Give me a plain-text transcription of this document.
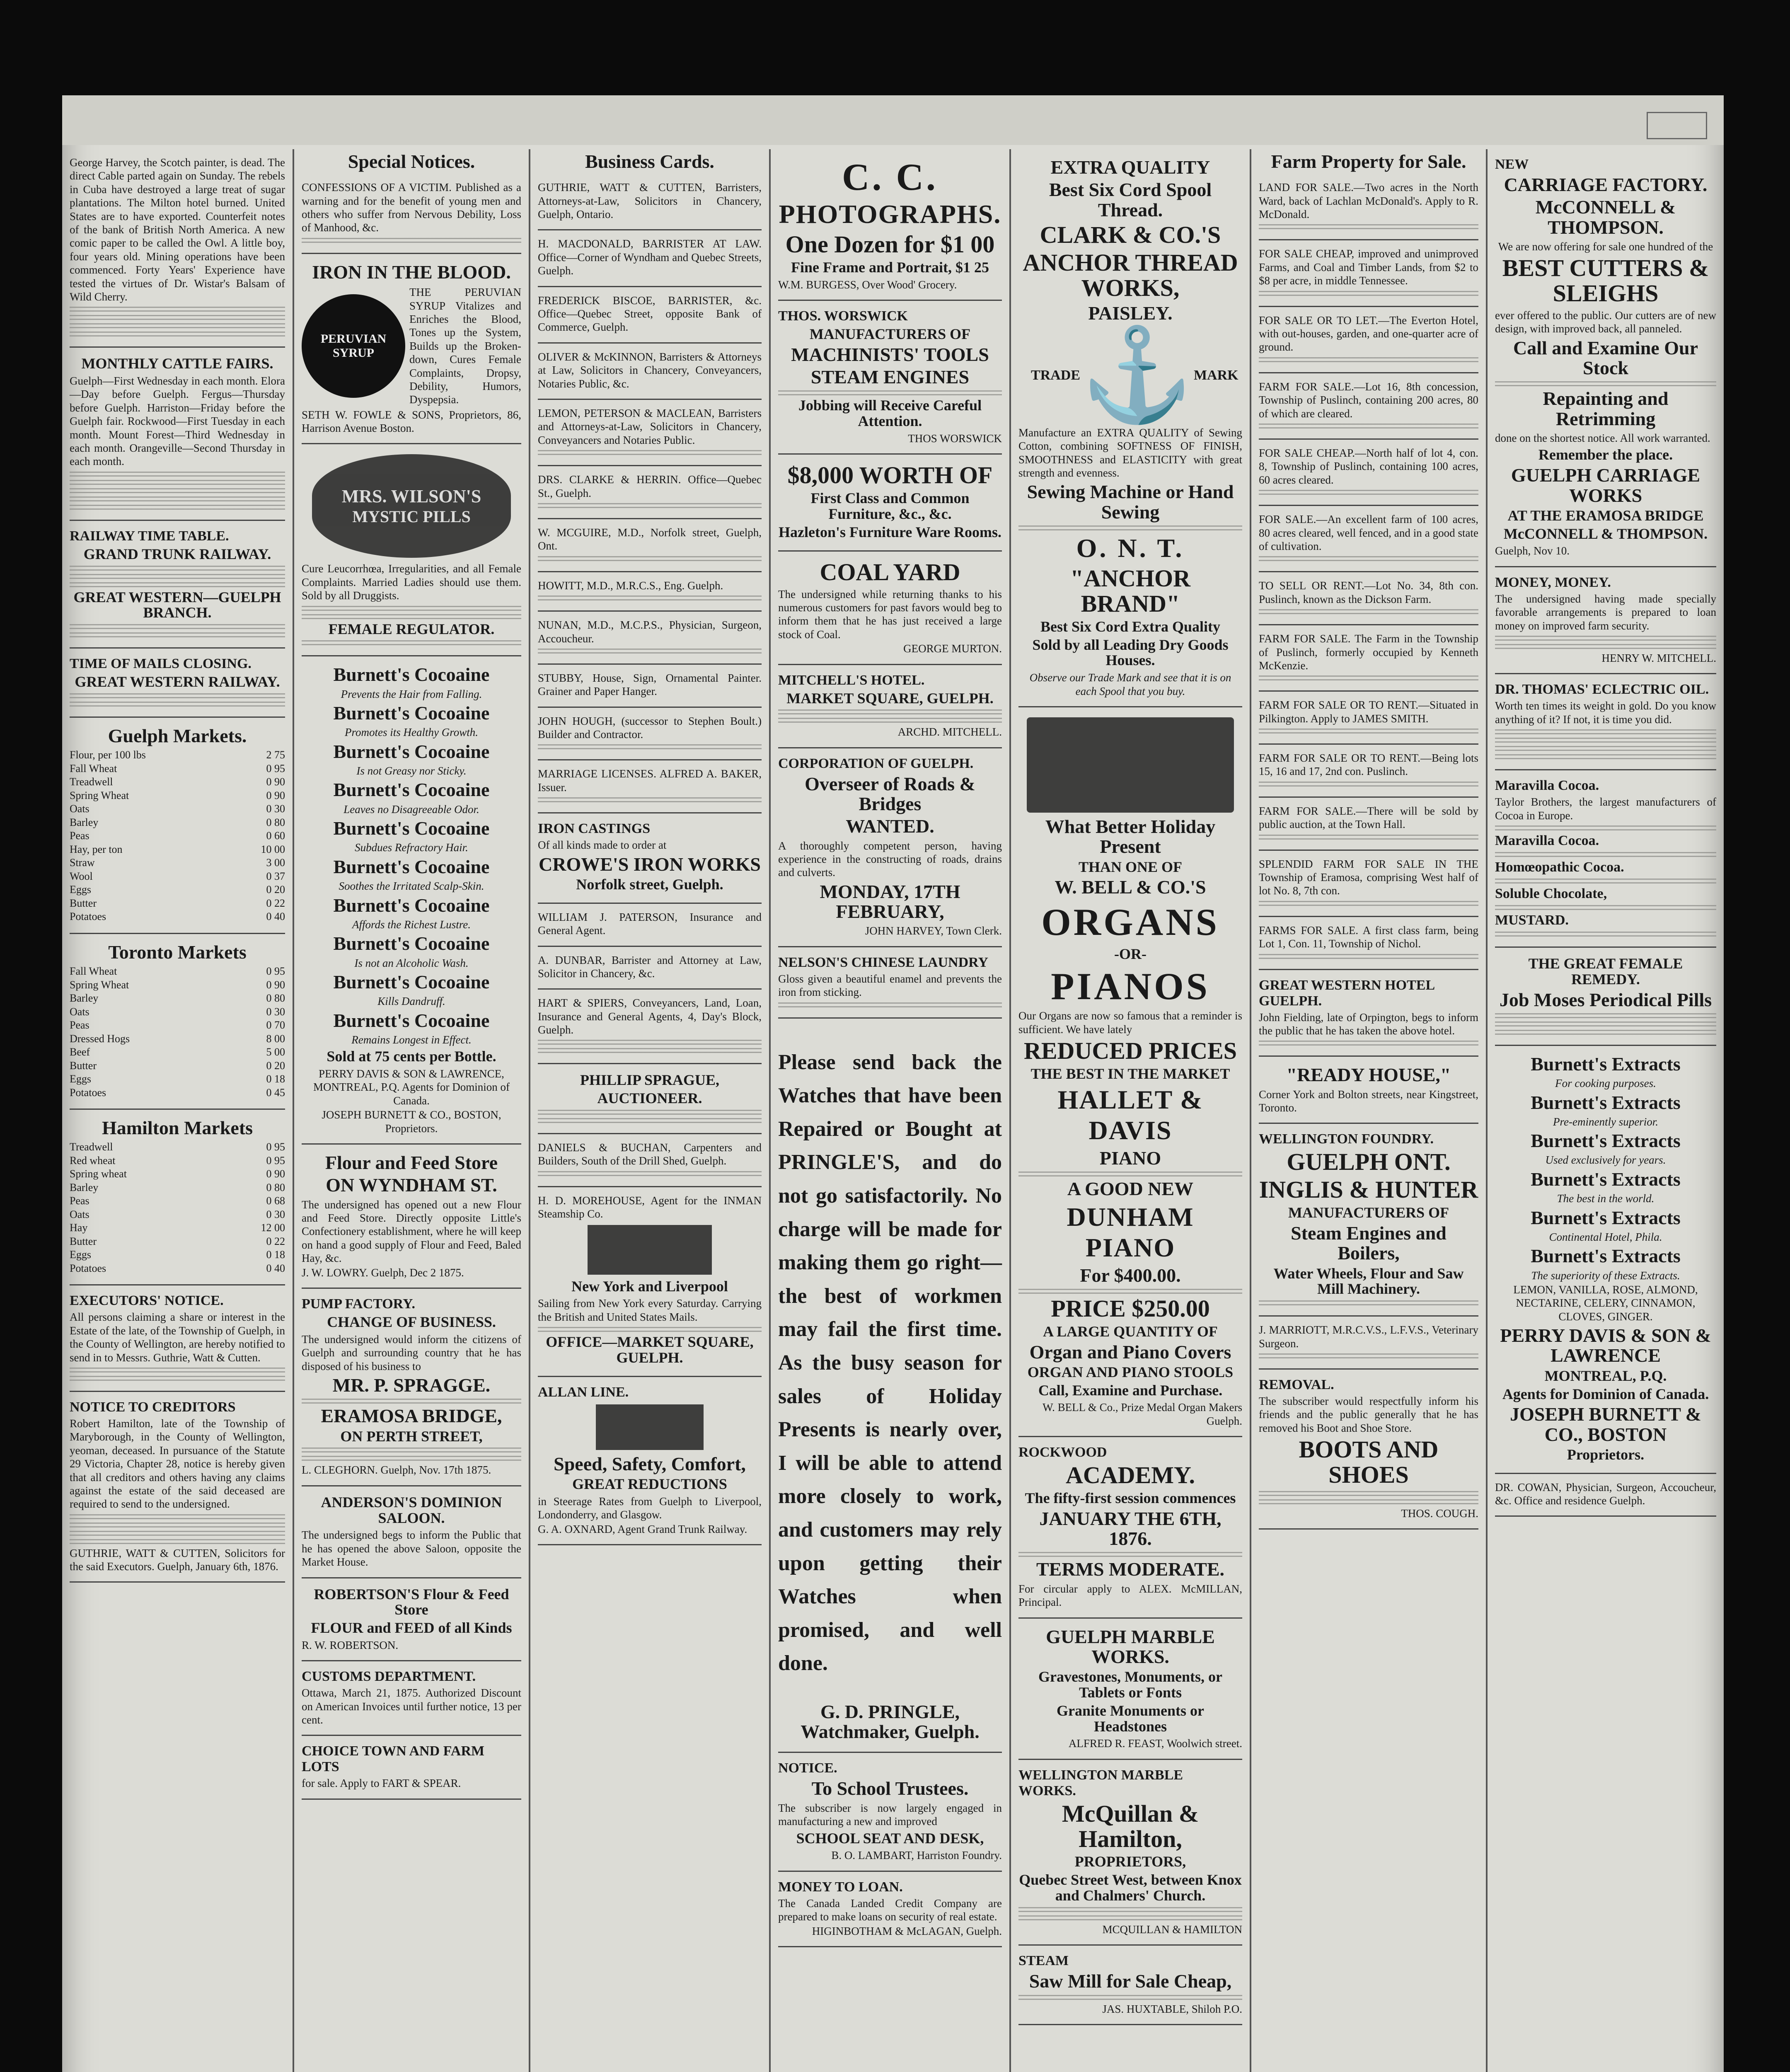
George Harvey, the Scotch painter, is dead. The direct Cable parted again on Sunday. The rebels in Cuba have destroyed a large treat of sugar plantations. The Milton hotel burned. United States are to have exported. Counterfeit notes of the bank of British North America. A new comic paper to be called the Owl. A little boy, four years old. Mining operations have been commenced. Forty Years' Experience have tested the virtues of Dr. Wistar's Balsam of Wild Cherry.

MONTHLY CATTLE FAIRS.

Guelph—First Wednesday in each month. Elora—Day before Guelph. Fergus—Thursday before Guelph. Harriston—Friday before the Guelph fair. Rockwood—First Tuesday in each month. Mount Forest—Third Wednesday in each month. Orangeville—Second Thursday in each month.

RAILWAY TIME TABLE.
GRAND TRUNK RAILWAY.
GREAT WESTERN—GUELPH BRANCH.
TIME OF MAILS CLOSING.
GREAT WESTERN RAILWAY.
Guelph Markets.
Flour, per 100 lbs	2 75
Fall Wheat	0 95
Treadwell	0 90
Spring Wheat	0 90
Oats	0 30
Barley	0 80
Peas	0 60
Hay, per ton	10 00
Straw	3 00
Wool	0 37
Eggs	0 20
Butter	0 22
Potatoes	0 40
Toronto Markets
Fall Wheat	0 95
Spring Wheat	0 90
Barley	0 80
Oats	0 30
Peas	0 70
Dressed Hogs	8 00
Beef	5 00
Butter	0 20
Eggs	0 18
Potatoes	0 45
Hamilton Markets
Treadwell	0 95
Red wheat	0 95
Spring wheat	0 90
Barley	0 80
Peas	0 68
Oats	0 30
Hay	12 00
Butter	0 22
Eggs	0 18
Potatoes	0 40
EXECUTORS' NOTICE.

All persons claiming a share or interest in the Estate of the late, of the Township of Guelph, in the County of Wellington, are hereby notified to send in to Messrs. Guthrie, Watt & Cutten.

NOTICE TO CREDITORS

Robert Hamilton, late of the Township of Maryborough, in the County of Wellington, yeoman, deceased. In pursuance of the Statute 29 Victoria, Chapter 28, notice is hereby given that all creditors and others having any claims against the estate of the said deceased are required to send to the undersigned.

GUTHRIE, WATT & CUTTEN, Solicitors for the said Executors. Guelph, January 6th, 1876.

Special Notices.

CONFESSIONS OF A VICTIM. Published as a warning and for the benefit of young men and others who suffer from Nervous Debility, Loss of Manhood, &c.

IRON IN THE BLOOD.
PERUVIAN SYRUP

THE PERUVIAN SYRUP Vitalizes and Enriches the Blood, Tones up the System, Builds up the Broken-down, Cures Female Complaints, Dropsy, Debility, Humors, Dyspepsia.

SETH W. FOWLE & SONS, Proprietors, 86, Harrison Avenue Boston.

MRS. WILSON'S
MYSTIC PILLS

Cure Leucorrhœa, Irregularities, and all Female Complaints. Married Ladies should use them. Sold by all Druggists.

FEMALE REGULATOR.
Burnett's Cocoaine
Prevents the Hair from Falling.
Burnett's Cocoaine
Promotes its Healthy Growth.
Burnett's Cocoaine
Is not Greasy nor Sticky.
Burnett's Cocoaine
Leaves no Disagreeable Odor.
Burnett's Cocoaine
Subdues Refractory Hair.
Burnett's Cocoaine
Soothes the Irritated Scalp-Skin.
Burnett's Cocoaine
Affords the Richest Lustre.
Burnett's Cocoaine
Is not an Alcoholic Wash.
Burnett's Cocoaine
Kills Dandruff.
Burnett's Cocoaine
Remains Longest in Effect.
Sold at 75 cents per Bottle.

PERRY DAVIS & SON & LAWRENCE, MONTREAL, P.Q. Agents for Dominion of Canada.

JOSEPH BURNETT & CO., BOSTON, Proprietors.

Flour and Feed Store
ON WYNDHAM ST.

The undersigned has opened out a new Flour and Feed Store. Directly opposite Little's Confectionery establishment, where he will keep on hand a good supply of Flour and Feed, Baled Hay, &c.

J. W. LOWRY. Guelph, Dec 2 1875.

PUMP FACTORY.
CHANGE OF BUSINESS.

The undersigned would inform the citizens of Guelph and surrounding country that he has disposed of his business to

MR. P. SPRAGGE.
ERAMOSA BRIDGE,
ON PERTH STREET,

L. CLEGHORN. Guelph, Nov. 17th 1875.

ANDERSON'S DOMINION SALOON.

The undersigned begs to inform the Public that he has opened the above Saloon, opposite the Market House.

ROBERTSON'S Flour & Feed Store
FLOUR and FEED of all Kinds

R. W. ROBERTSON.

CUSTOMS DEPARTMENT.

Ottawa, March 21, 1875. Authorized Discount on American Invoices until further notice, 13 per cent.

CHOICE TOWN AND FARM LOTS

for sale. Apply to FART & SPEAR.

Business Cards.

GUTHRIE, WATT & CUTTEN, Barristers, Attorneys-at-Law, Solicitors in Chancery, Guelph, Ontario.

H. MACDONALD, BARRISTER AT LAW. Office—Corner of Wyndham and Quebec Streets, Guelph.

FREDERICK BISCOE, BARRISTER, &c. Office—Quebec Street, opposite Bank of Commerce, Guelph.

OLIVER & McKINNON, Barristers & Attorneys at Law, Solicitors in Chancery, Conveyancers, Notaries Public, &c.

LEMON, PETERSON & MACLEAN, Barristers and Attorneys-at-Law, Solicitors in Chancery, Conveyancers and Notaries Public.

DRS. CLARKE & HERRIN. Office—Quebec St., Guelph.

W. MCGUIRE, M.D., Norfolk street, Guelph, Ont.

HOWITT, M.D., M.R.C.S., Eng. Guelph.

NUNAN, M.D., M.C.P.S., Physician, Surgeon, Accoucheur.

STUBBY, House, Sign, Ornamental Painter. Grainer and Paper Hanger.

JOHN HOUGH, (successor to Stephen Boult.) Builder and Contractor.

MARRIAGE LICENSES. ALFRED A. BAKER, Issuer.

IRON CASTINGS

Of all kinds made to order at

CROWE'S IRON WORKS
Norfolk street, Guelph.

WILLIAM J. PATERSON, Insurance and General Agent.

A. DUNBAR, Barrister and Attorney at Law, Solicitor in Chancery, &c.

HART & SPIERS, Conveyancers, Land, Loan, Insurance and General Agents, 4, Day's Block, Guelph.

PHILLIP SPRAGUE,
AUCTIONEER.

DANIELS & BUCHAN, Carpenters and Builders, South of the Drill Shed, Guelph.

H. D. MOREHOUSE, Agent for the INMAN Steamship Co.

New York and Liverpool

Sailing from New York every Saturday. Carrying the British and United States Mails.

OFFICE—MARKET SQUARE, GUELPH.
ALLAN LINE.
Speed, Safety, Comfort,
GREAT REDUCTIONS

in Steerage Rates from Guelph to Liverpool, Londonderry, and Glasgow.

G. A. OXNARD, Agent Grand Trunk Railway.

C. C.
PHOTOGRAPHS.
One Dozen for $1 00
Fine Frame and Portrait, $1 25

W.M. BURGESS, Over Wood' Grocery.

THOS. WORSWICK
MANUFACTURERS OF
MACHINISTS' TOOLS
STEAM ENGINES
Jobbing will Receive Careful Attention.

THOS WORSWICK

$8,000 WORTH OF
First Class and Common Furniture, &c., &c.
Hazleton's Furniture Ware Rooms.
COAL YARD

The undersigned while returning thanks to his numerous customers for past favors would beg to inform them that he has just received a large stock of Coal.

GEORGE MURTON.

MITCHELL'S HOTEL.
MARKET SQUARE, GUELPH.

ARCHD. MITCHELL.

CORPORATION OF GUELPH.
Overseer of Roads & Bridges
WANTED.

A thoroughly competent person, having experience in the constructing of roads, drains and culverts.

MONDAY, 17TH FEBRUARY,

JOHN HARVEY, Town Clerk.

NELSON'S CHINESE LAUNDRY

Gloss given a beautiful enamel and prevents the iron from sticking.

Please send back the Watches that have been Repaired or Bought at PRINGLE'S, and do not go satisfactorily. No charge will be made for making them go right—the best of workmen may fail the first time. As the busy season for sales of Holiday Presents is nearly over, I will be able to attend more closely to work, and customers may rely upon getting their Watches when promised, and well done.

G. D. PRINGLE, Watchmaker, Guelph.
NOTICE.
To School Trustees.

The subscriber is now largely engaged in manufacturing a new and improved

SCHOOL SEAT AND DESK,

B. O. LAMBART, Harriston Foundry.

MONEY TO LOAN.

The Canada Landed Credit Company are prepared to make loans on security of real estate.

HIGINBOTHAM & McLAGAN, Guelph.

EXTRA QUALITY
Best Six Cord Spool Thread.
CLARK & CO.'S
ANCHOR THREAD WORKS,
PAISLEY.
TRADE ⚓ MARK

Manufacture an EXTRA QUALITY of Sewing Cotton, combining SOFTNESS OF FINISH, SMOOTHNESS and ELASTICITY with great strength and evenness.

Sewing Machine or Hand Sewing
O. N. T.
"ANCHOR BRAND"
Best Six Cord Extra Quality
Sold by all Leading Dry Goods Houses.

Observe our Trade Mark and see that it is on each Spool that you buy.

What Better Holiday Present
THAN ONE OF
W. BELL & CO.'S
ORGANS
-OR-
PIANOS

Our Organs are now so famous that a reminder is sufficient. We have lately

REDUCED PRICES
THE BEST IN THE MARKET
HALLET & DAVIS
PIANO
A GOOD NEW
DUNHAM PIANO
For $400.00.
PRICE $250.00
A LARGE QUANTITY OF
Organ and Piano Covers
ORGAN AND PIANO STOOLS
Call, Examine and Purchase.

W. BELL & Co., Prize Medal Organ Makers Guelph.

ROCKWOOD
ACADEMY.
The fifty-first session commences
JANUARY THE 6TH, 1876.
TERMS MODERATE.

For circular apply to ALEX. McMILLAN, Principal.

GUELPH MARBLE WORKS.
Gravestones, Monuments, or Tablets or Fonts
Granite Monuments or Headstones

ALFRED R. FEAST, Woolwich street.

WELLINGTON MARBLE WORKS.
McQuillan & Hamilton,
PROPRIETORS,
Quebec Street West, between Knox and Chalmers' Church.

MCQUILLAN & HAMILTON

STEAM
Saw Mill for Sale Cheap,

JAS. HUXTABLE, Shiloh P.O.

Farm Property for Sale.

LAND FOR SALE.—Two acres in the North Ward, back of Lachlan McDonald's. Apply to R. McDonald.

FOR SALE CHEAP, improved and unimproved Farms, and Coal and Timber Lands, from $2 to $8 per acre, in middle Tennessee.

FOR SALE OR TO LET.—The Everton Hotel, with out-houses, garden, and one-quarter acre of ground.

FARM FOR SALE.—Lot 16, 8th concession, Township of Puslinch, containing 200 acres, 80 of which are cleared.

FOR SALE CHEAP.—North half of lot 4, con. 8, Township of Puslinch, containing 100 acres, 60 acres cleared.

FOR SALE.—An excellent farm of 100 acres, 80 acres cleared, well fenced, and in a good state of cultivation.

TO SELL OR RENT.—Lot No. 34, 8th con. Puslinch, known as the Dickson Farm.

FARM FOR SALE. The Farm in the Township of Puslinch, formerly occupied by Kenneth McKenzie.

FARM FOR SALE OR TO RENT.—Situated in Pilkington. Apply to JAMES SMITH.

FARM FOR SALE OR TO RENT.—Being lots 15, 16 and 17, 2nd con. Puslinch.

FARM FOR SALE.—There will be sold by public auction, at the Town Hall.

SPLENDID FARM FOR SALE IN THE Township of Eramosa, comprising West half of lot No. 8, 7th con.

FARMS FOR SALE. A first class farm, being Lot 1, Con. 11, Township of Nichol.

GREAT WESTERN HOTEL GUELPH.

John Fielding, late of Orpington, begs to inform the public that he has taken the above hotel.

"READY HOUSE,"

Corner York and Bolton streets, near Kingstreet, Toronto.

WELLINGTON FOUNDRY.
GUELPH ONT.
INGLIS & HUNTER
MANUFACTURERS OF
Steam Engines and Boilers,
Water Wheels, Flour and Saw Mill Machinery.

J. MARRIOTT, M.R.C.V.S., L.F.V.S., Veterinary Surgeon.

REMOVAL.

The subscriber would respectfully inform his friends and the public generally that he has removed his Boot and Shoe Store.

BOOTS AND SHOES

THOS. COUGH.

NEW
CARRIAGE FACTORY.
McCONNELL & THOMPSON.

We are now offering for sale one hundred of the

BEST CUTTERS & SLEIGHS

ever offered to the public. Our cutters are of new design, with improved back, all panneled.

Call and Examine Our Stock
Repainting and Retrimming

done on the shortest notice. All work warranted.

Remember the place.
GUELPH CARRIAGE WORKS
AT THE ERAMOSA BRIDGE
McCONNELL & THOMPSON.

Guelph, Nov 10.

MONEY, MONEY.

The undersigned having made specially favorable arrangements is prepared to loan money on improved farm security.

HENRY W. MITCHELL.

DR. THOMAS' ECLECTRIC OIL.

Worth ten times its weight in gold. Do you know anything of it? If not, it is time you did.

Maravilla Cocoa.

Taylor Brothers, the largest manufacturers of Cocoa in Europe.

Maravilla Cocoa.
Homœopathic Cocoa.
Soluble Chocolate,
MUSTARD.
THE GREAT FEMALE REMEDY.
Job Moses Periodical Pills
Burnett's Extracts

For cooking purposes.

Burnett's Extracts
Pre-eminently superior.
Burnett's Extracts
Used exclusively for years.
Burnett's Extracts
The best in the world.
Burnett's Extracts
Continental Hotel, Phila.
Burnett's Extracts
The superiority of these Extracts.

LEMON, VANILLA, ROSE, ALMOND, NECTARINE, CELERY, CINNAMON, CLOVES, GINGER.

PERRY DAVIS & SON & LAWRENCE
MONTREAL, P.Q.
Agents for Dominion of Canada.
JOSEPH BURNETT & CO., BOSTON
Proprietors.

DR. COWAN, Physician, Surgeon, Accoucheur, &c. Office and residence Guelph.
